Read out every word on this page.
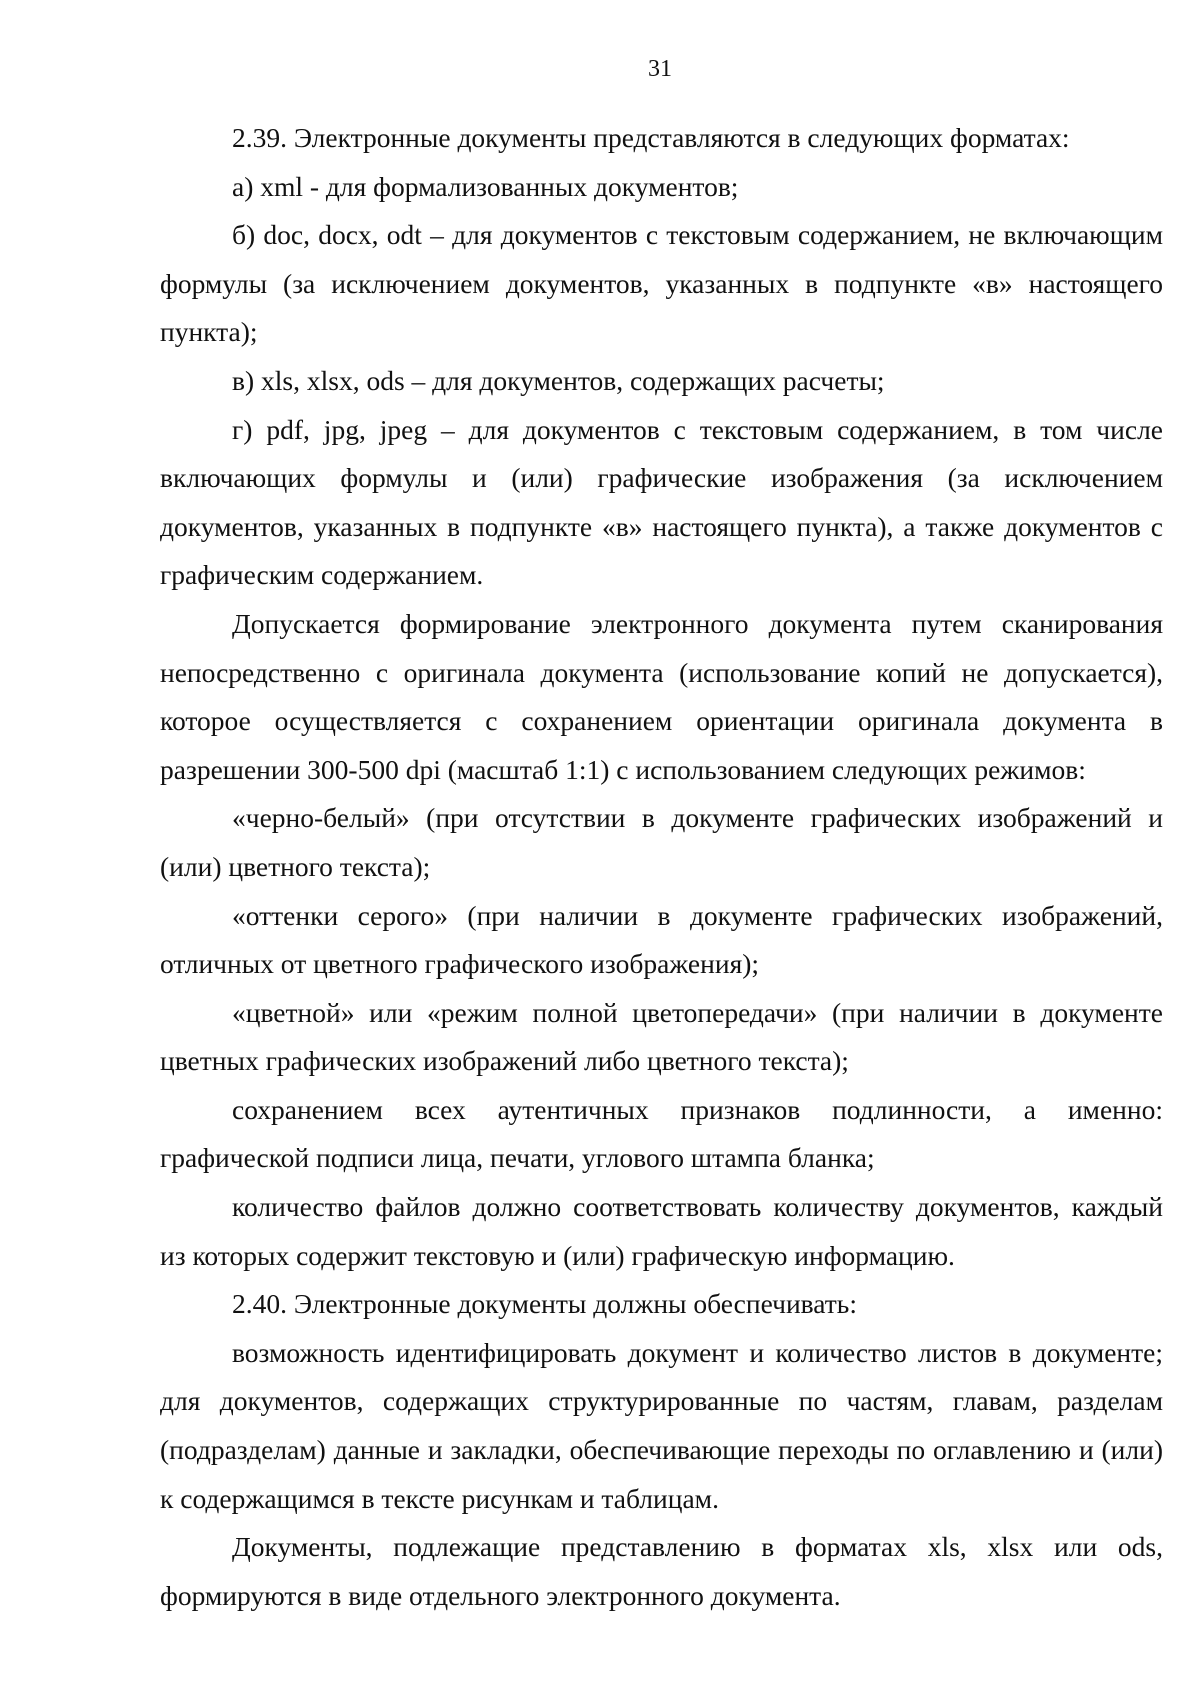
31

2.39. Электронные документы представляются в следующих форматах:

а) xml - для формализованных документов;

б) doc, docx, odt – для документов с текстовым содержанием, не включающим формулы (за исключением документов, указанных в подпункте «в» настоящего пункта);

в) xls, xlsx, ods – для документов, содержащих расчеты;

г) pdf, jpg, jpeg – для документов с текстовым содержанием, в том числе включающих формулы и (или) графические изображения (за исключением документов, указанных в подпункте «в» настоящего пункта), а также документов с графическим содержанием.

Допускается формирование электронного документа путем сканирования непосредственно с оригинала документа (использование копий не допускается), которое осуществляется с сохранением ориентации оригинала документа в разрешении 300-500 dpi (масштаб 1:1) с использованием следующих режимов:

«черно-белый» (при отсутствии в документе графических изображений и (или) цветного текста);

«оттенки серого» (при наличии в документе графических изображений, отличных от цветного графического изображения);

«цветной» или «режим полной цветопередачи» (при наличии в документе цветных графических изображений либо цветного текста);

сохранением всех аутентичных признаков подлинности, а именно: графической подписи лица, печати, углового штампа бланка;

количество файлов должно соответствовать количеству документов, каждый из которых содержит текстовую и (или) графическую информацию.

2.40. Электронные документы должны обеспечивать:

возможность идентифицировать документ и количество листов в документе; для документов, содержащих структурированные по частям, главам, разделам (подразделам) данные и закладки, обеспечивающие переходы по оглавлению и (или) к содержащимся в тексте рисункам и таблицам.

Документы, подлежащие представлению в форматах xls, xlsx или ods, формируются в виде отдельного электронного документа.
